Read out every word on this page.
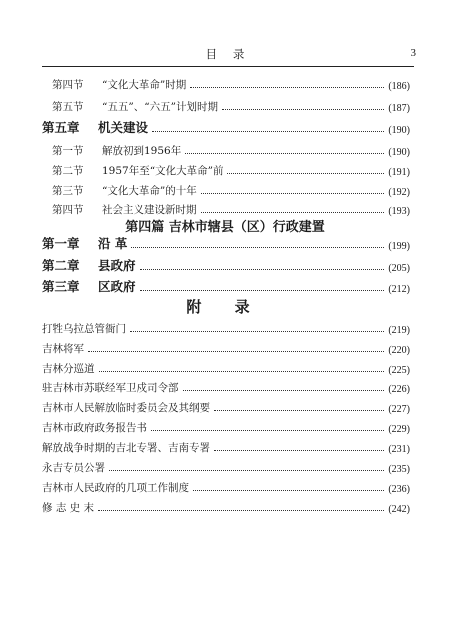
目 录	3
第四节	“文化大革命”时期	(186)
第五节	“五五”、“六五”计划时期	(187)
第五章	机关建设	(190)
第一节	解放初到1956年	(190)
第二节	1957年至“文化大革命”前	(191)
第三节	“文化大革命”的十年	(192)
第四节	社会主义建设新时期	(193)
第四篇 吉林市辖县（区）行政建置
第一章	沿 革	(199)
第二章	县政府	(205)
第三章	区政府	(212)
附 录
打牲乌拉总管衙门	(219)
吉林将军	(220)
吉林分巡道	(225)
驻吉林市苏联经军卫戍司令部	(226)
吉林市人民解放临时委员会及其纲要	(227)
吉林市政府政务报告书	(229)
解放战争时期的吉北专署、吉南专署	(231)
永吉专员公署	(235)
吉林市人民政府的几项工作制度	(236)
修 志 史 末	(242)
